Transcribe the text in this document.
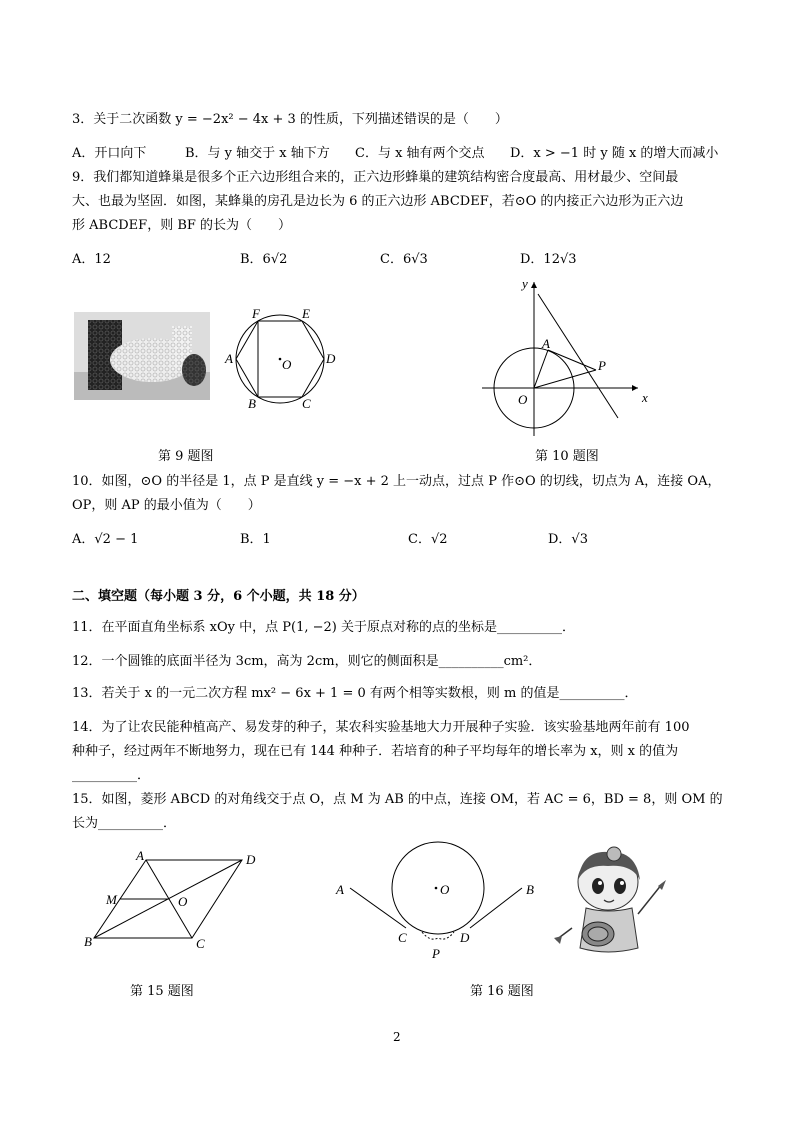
3．关于二次函数 y = −2x² − 4x + 3 的性质，下列描述错误的是（　　）
A．开口向下	B．与 y 轴交于 x 轴下方 C．与 x 轴有两个交点 D．x > −1 时 y 随 x 的增大而减小
9．我们都知道蜂巢是很多个正六边形组合来的，正六边形蜂巢的建筑结构密合度最高、用材最少、空间最
大、也最为坚固．如图，某蜂巢的房孔是边长为 6 的正六边形 ABCDEF，若⊙O 的内接正六边形为正六边
形 ABCDEF，则 BF 的长为（　　）
A．12	B．6√2	C．6√3	D．12√3
F	E
A	D
B	C
O
y
x
A
P
O
第 9 题图	第 10 题图
10．如图，⊙O 的半径是 1，点 P 是直线 y = −x + 2 上一动点，过点 P 作⊙O 的切线，切点为 A，连接 OA，
OP，则 AP 的最小值为（　　）
A．√2 − 1	B．1	C．√2	D．√3
二、填空题（每小题 3 分，6 个小题，共 18 分）
11．在平面直角坐标系 xOy 中，点 P(1, −2) 关于原点对称的点的坐标是__________．
12．一个圆锥的底面半径为 3cm，高为 2cm，则它的侧面积是__________cm²．
13．若关于 x 的一元二次方程 mx² − 6x + 1 = 0 有两个相等实数根，则 m 的值是__________．
14．为了让农民能种植高产、易发芽的种子，某农科实验基地大力开展种子实验．该实验基地两年前有 100
种种子，经过两年不断地努力，现在已有 144 种种子．若培育的种子平均每年的增长率为 x，则 x 的值为
__________．
15．如图，菱形 ABCD 的对角线交于点 O，点 M 为 AB 的中点，连接 OM，若 AC = 6，BD = 8，则 OM 的
长为__________．
A	D
M	O
B	C
A	B
O
C	D
P
第 15 题图	第 16 题图
2
